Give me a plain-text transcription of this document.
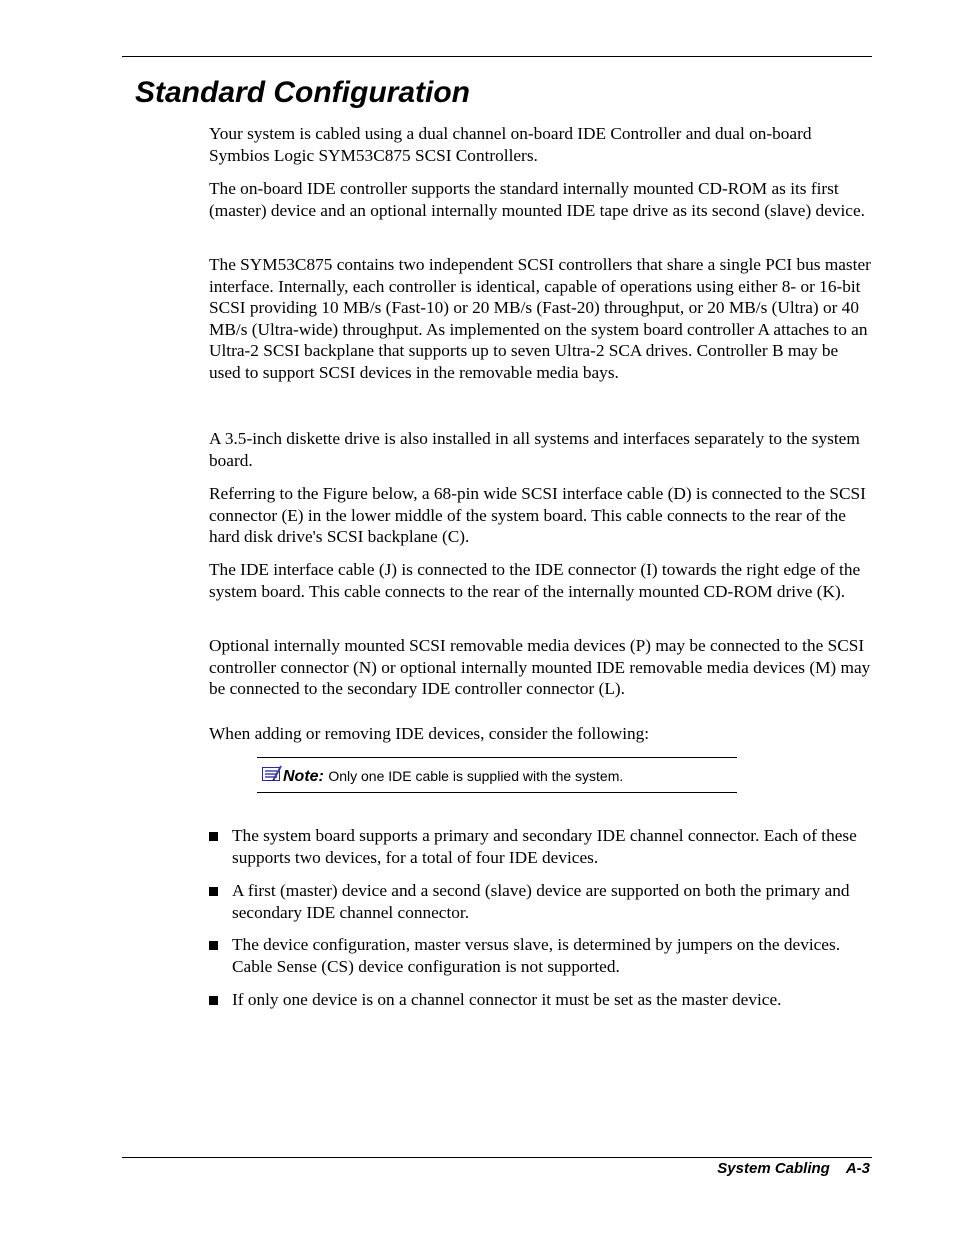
Standard Configuration

Your system is cabled using a dual channel on-board IDE Controller and dual on-board Symbios Logic SYM53C875 SCSI Controllers.

The on-board IDE controller supports the standard internally mounted CD-ROM as its first (master) device and an optional internally mounted IDE tape drive as its second (slave) device.

The SYM53C875 contains two independent SCSI controllers that share a single PCI bus master interface. Internally, each controller is identical, capable of operations using either 8- or 16-bit SCSI providing 10 MB/s (Fast-10) or 20 MB/s (Fast-20) throughput, or 20 MB/s (Ultra) or 40 MB/s (Ultra-wide) throughput. As implemented on the system board controller A attaches to an Ultra-2 SCSI backplane that supports up to seven Ultra-2 SCA drives. Controller B may be used to support SCSI devices in the removable media bays.

A 3.5-inch diskette drive is also installed in all systems and interfaces separately to the system board.

Referring to the Figure below, a 68-pin wide SCSI interface cable (D) is connected to the SCSI connector (E) in the lower middle of the system board. This cable connects to the rear of the hard disk drive's SCSI backplane (C).

The IDE interface cable (J) is connected to the IDE connector (I) towards the right edge of the system board. This cable connects to the rear of the internally mounted CD-ROM drive (K).

Optional internally mounted SCSI removable media devices (P) may be connected to the SCSI controller connector (N) or optional internally mounted IDE removable media devices (M) may be connected to the secondary IDE controller connector (L).

When adding or removing IDE devices, consider the following:

Note: Only one IDE cable is supplied with the system.

The system board supports a primary and secondary IDE channel connector. Each of these supports two devices, for a total of four IDE devices.

A first (master) device and a second (slave) device are supported on both the primary and secondary IDE channel connector.

The device configuration, master versus slave, is determined by jumpers on the devices. Cable Sense (CS) device configuration is not supported.

If only one device is on a channel connector it must be set as the master device.

System Cabling A-3
